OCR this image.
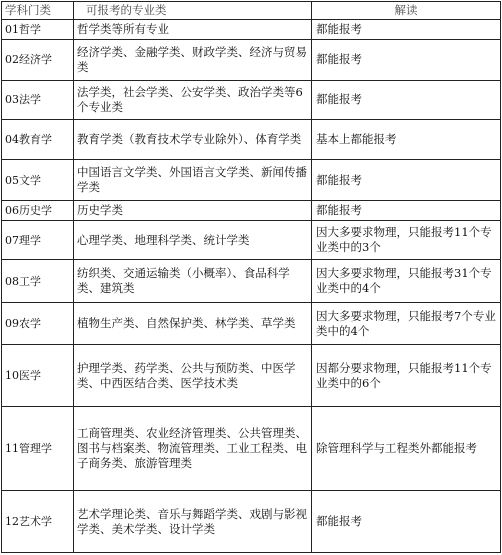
学科门类	可报考的专业类	解读
01哲学	哲学类等所有专业	都能报考
02经济学	经济学类、金融学类、财政学类、经济与贸易类	都能报考
03法学	法学类，社会学类、公安学类、政治学类等6个专业类	都能报考
04教育学	教育学类（教育技术学专业除外）、体育学类	基本上都能报考
05文学	中国语言文学类、外国语言文学类、新闻传播学类	都能报考
06历史学	历史学类	都能报考
07理学	心理学类、地理科学类、统计学类	因大多要求物理，只能报考11个专业类中的3个
08工学	纺织类、交通运输类（小概率）、食品科学类、建筑类	因大多要求物理，只能报考31个专业类中的4个
09农学	植物生产类、自然保护类、林学类、草学类	因大多要求物理，只能报考7个专业类中的4个
10医学	护理学类、药学类、公共与预防类、中医学类、中西医结合类、医学技术类	因都分要求物理，只能报考11个专业类中的6个
11管理学	工商管理类、农业经济管理类、公共管理类、图书与档案类、物流管理类、工业工程类、电子商务类、旅游管理类	除管理科学与工程类外都能报考
12艺术学	艺术学理论类、音乐与舞蹈学类、戏剧与影视学类、美术学类、设计学类	都能报考
